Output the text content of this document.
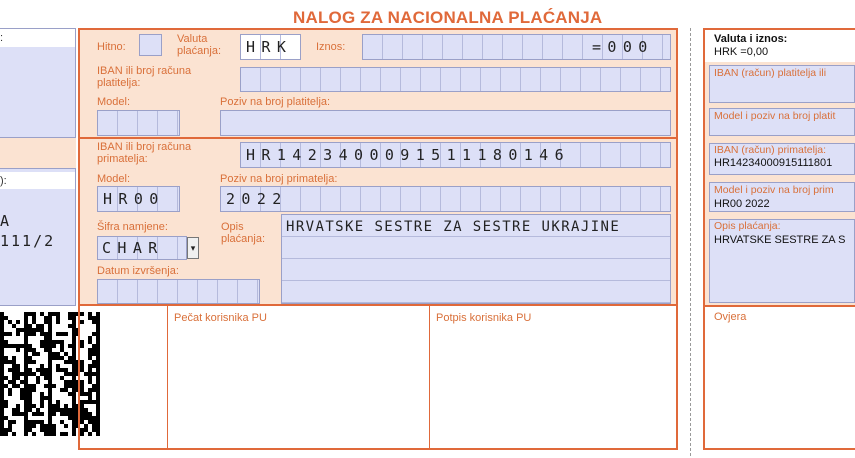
NALOG ZA NACIONALNA PLAĆANJA
:
):
A
111/2
Hitno:
Valuta plaćanja:	HRK Iznos:	=000
IBAN ili broj računa platitelja:
Model:	Poziv na broj platitelja:
IBAN ili broj računa primatelja:	HR1423400091511180146
Model:
HR00
Poziv na broj primatelja:
2022
Šifra namjene:
CHAR	▾
Datum izvršenja:
Opis plaćanja:
HRVATSKE SESTRE ZA SESTRE UKRAJINE
Pečat korisnika PU	Potpis korisnika PU
Valuta i iznos:
HRK =0,00
IBAN (račun) platitelja ili
Model i poziv na broj platit
IBAN (račun) primatelja:
HR14234000915111801
Model i poziv na broj prim
HR00 2022
Opis plaćanja:
HRVATSKE SESTRE ZA S
Ovjera
